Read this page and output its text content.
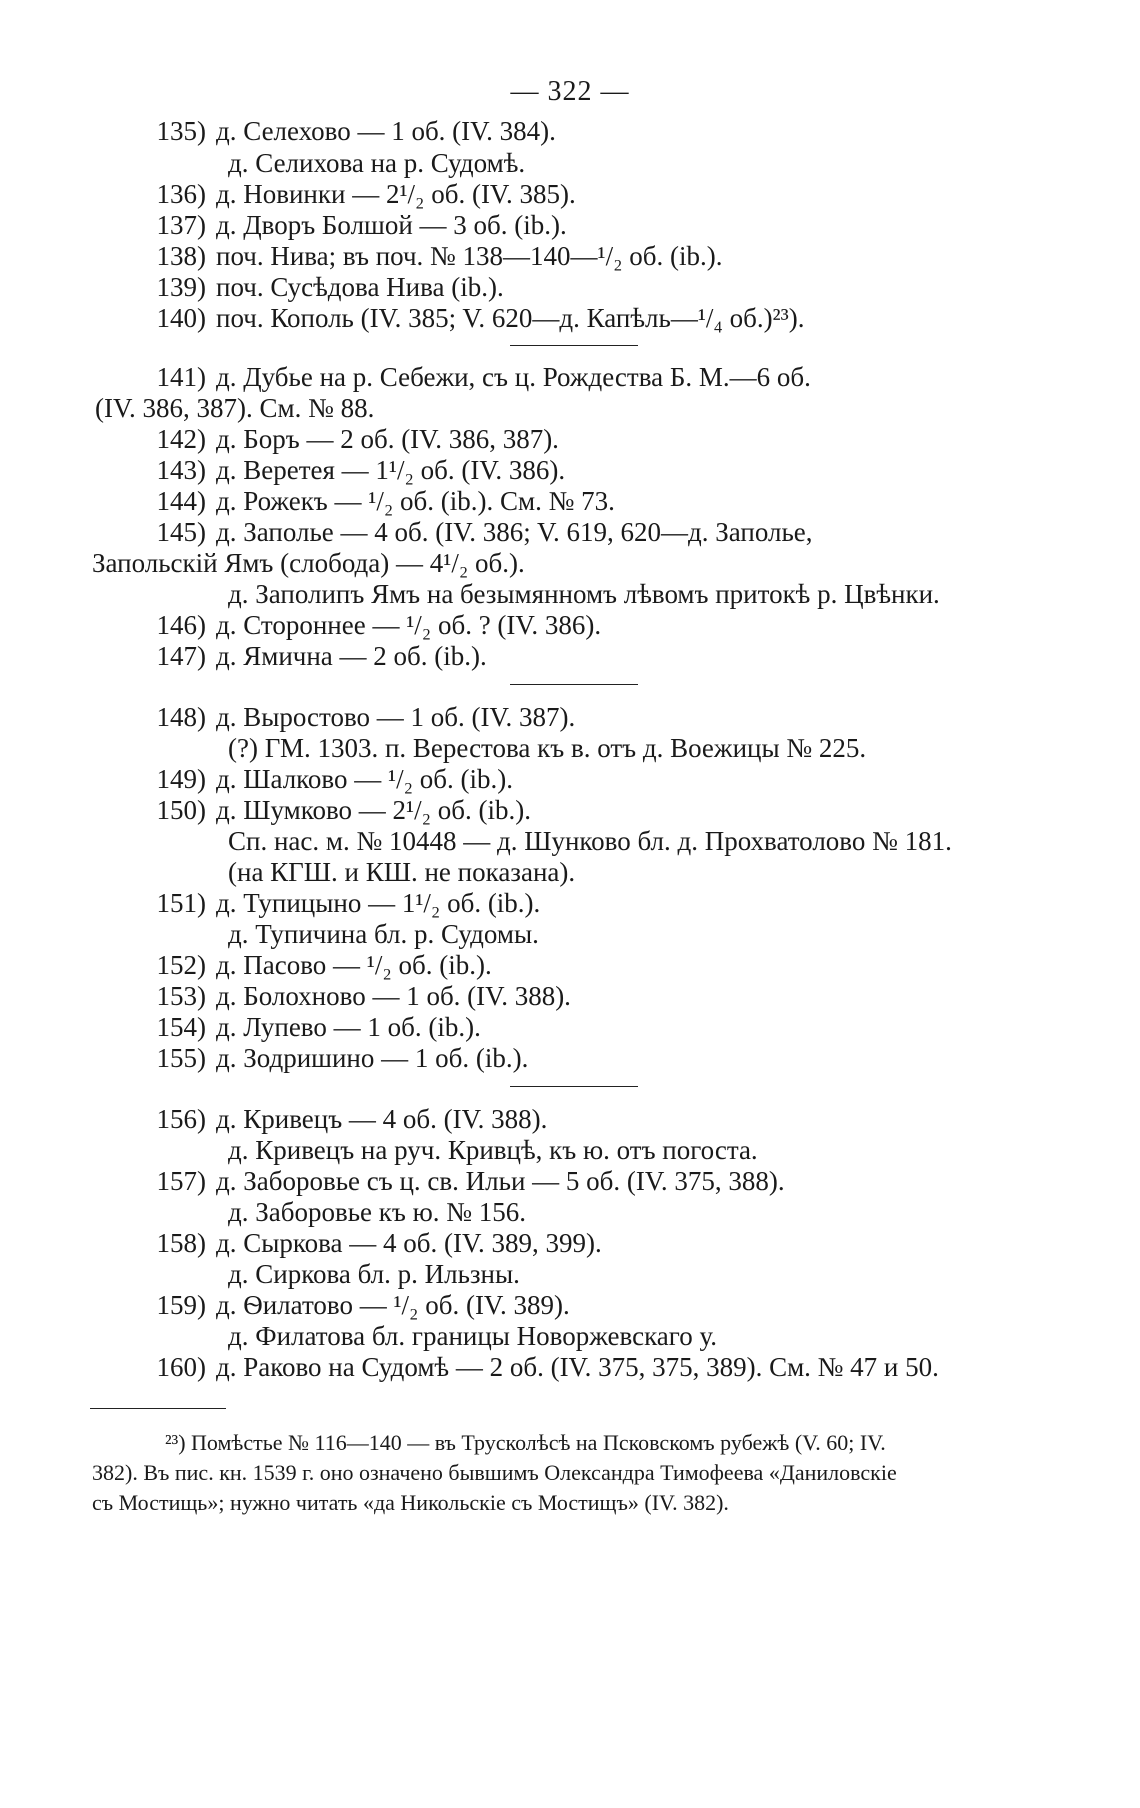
— 322 —
135) д. Селехово — 1 об. (IV. 384).
д. Селихова на р. Судомѣ.
136) д. Новинки — 2¹/₂ об. (IV. 385).
137) д. Дворъ Болшой — 3 об. (ib.).
138) поч. Нива; въ поч. № 138—140—¹/₂ об. (ib.).
139) поч. Сусѣдова Нива (ib.).
140) поч. Кополь (IV. 385; V. 620—д. Капѣль—¹/₄ об.)²³).
141) д. Дубье на р. Себежи, съ ц. Рождества Б. М.—6 об.
(IV. 386, 387). См. № 88.
142) д. Боръ — 2 об. (IV. 386, 387).
143) д. Веретея — 1¹/₂ об. (IV. 386).
144) д. Рожекъ — ¹/₂ об. (ib.). См. № 73.
145) д. Заполье — 4 об. (IV. 386; V. 619, 620—д. Заполье,
Запольскій Ямъ (слобода) — 4¹/₂ об.).
д. Заполипъ Ямъ на безымянномъ лѣвомъ притокѣ р. Цвѣнки.
146) д. Стороннее — ¹/₂ об. ? (IV. 386).
147) д. Ямична — 2 об. (ib.).
148) д. Выростово — 1 об. (IV. 387).
(?) ГМ. 1303. п. Верестова къ в. отъ д. Воежицы № 225.
149) д. Шалково — ¹/₂ об. (ib.).
150) д. Шумково — 2¹/₂ об. (ib.).
Сп. нас. м. № 10448 — д. Шунково бл. д. Прохватолово № 181.
(на КГШ. и КШ. не показана).
151) д. Тупицыно — 1¹/₂ об. (ib.).
д. Тупичина бл. р. Судомы.
152) д. Пасово — ¹/₂ об. (ib.).
153) д. Болохново — 1 об. (IV. 388).
154) д. Лупево — 1 об. (ib.).
155) д. Зодришино — 1 об. (ib.).
156) д. Кривецъ — 4 об. (IV. 388).
д. Кривецъ на руч. Кривцѣ, къ ю. отъ погоста.
157) д. Заборовье съ ц. св. Ильи — 5 об. (IV. 375, 388).
д. Заборовье къ ю. № 156.
158) д. Сыркова — 4 об. (IV. 389, 399).
д. Сиркова бл. р. Ильзны.
159) д. Ѳилатово — ¹/₂ об. (IV. 389).
д. Филатова бл. границы Новоржевскаго у.
160) д. Раково на Судомѣ — 2 об. (IV. 375, 375, 389). См. № 47 и 50.
²³) Помѣстье № 116—140 — въ Трусколѣсѣ на Псковскомъ рубежѣ (V. 60; IV.
382). Въ пис. кн. 1539 г. оно означено бывшимъ Олександра Тимофеева «Даниловскіе
съ Мостищь»; нужно читать «да Никольскіе съ Мостищъ» (IV. 382).
